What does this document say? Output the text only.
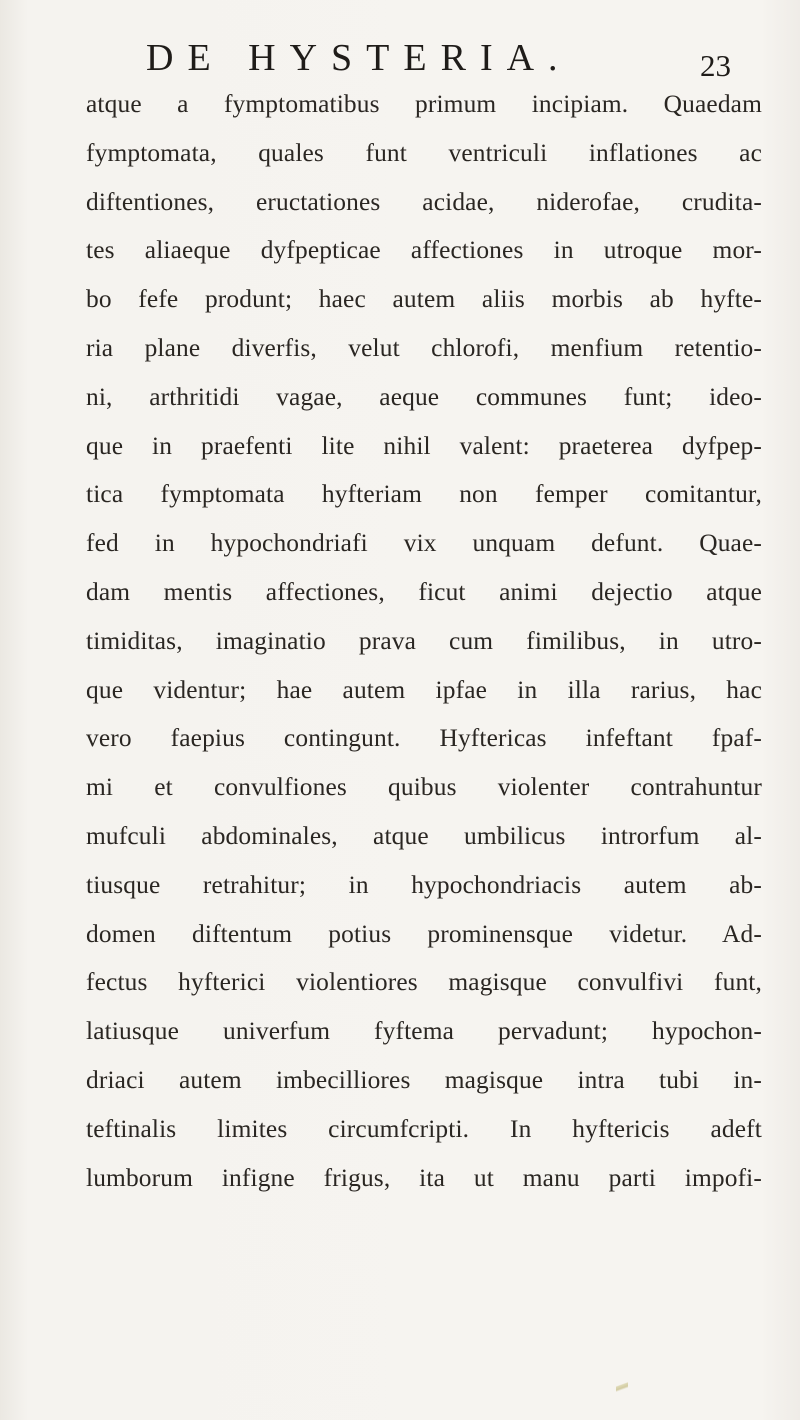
DE HYSTERIA.	23
atque a fymptomatibus primum incipiam. Quaedam
fymptomata, quales funt ventriculi inflationes ac
diftentiones, eructationes acidae, niderofae, crudita-
tes aliaeque dyfpepticae affectiones in utroque mor-
bo fefe produnt; haec autem aliis morbis ab hyfte-
ria plane diverfis, velut chlorofi, menfium retentio-
ni, arthritidi vagae, aeque communes funt; ideo-
que in praefenti lite nihil valent: praeterea dyfpep-
tica fymptomata hyfteriam non femper comitantur,
fed in hypochondriafi vix unquam defunt. Quae-
dam mentis affectiones, ficut animi dejectio atque
timiditas, imaginatio prava cum fimilibus, in utro-
que videntur; hae autem ipfae in illa rarius, hac
vero faepius contingunt. Hyftericas infeftant fpaf-
mi et convulfiones quibus violenter contrahuntur
mufculi abdominales, atque umbilicus introrfum al-
tiusque retrahitur; in hypochondriacis autem ab-
domen diftentum potius prominensque videtur. Ad-
fectus hyfterici violentiores magisque convulfivi funt,
latiusque univerfum fyftema pervadunt; hypochon-
driaci autem imbecilliores magisque intra tubi in-
teftinalis limites circumfcripti. In hyftericis adeft
lumborum infigne frigus, ita ut manu parti impofi-
